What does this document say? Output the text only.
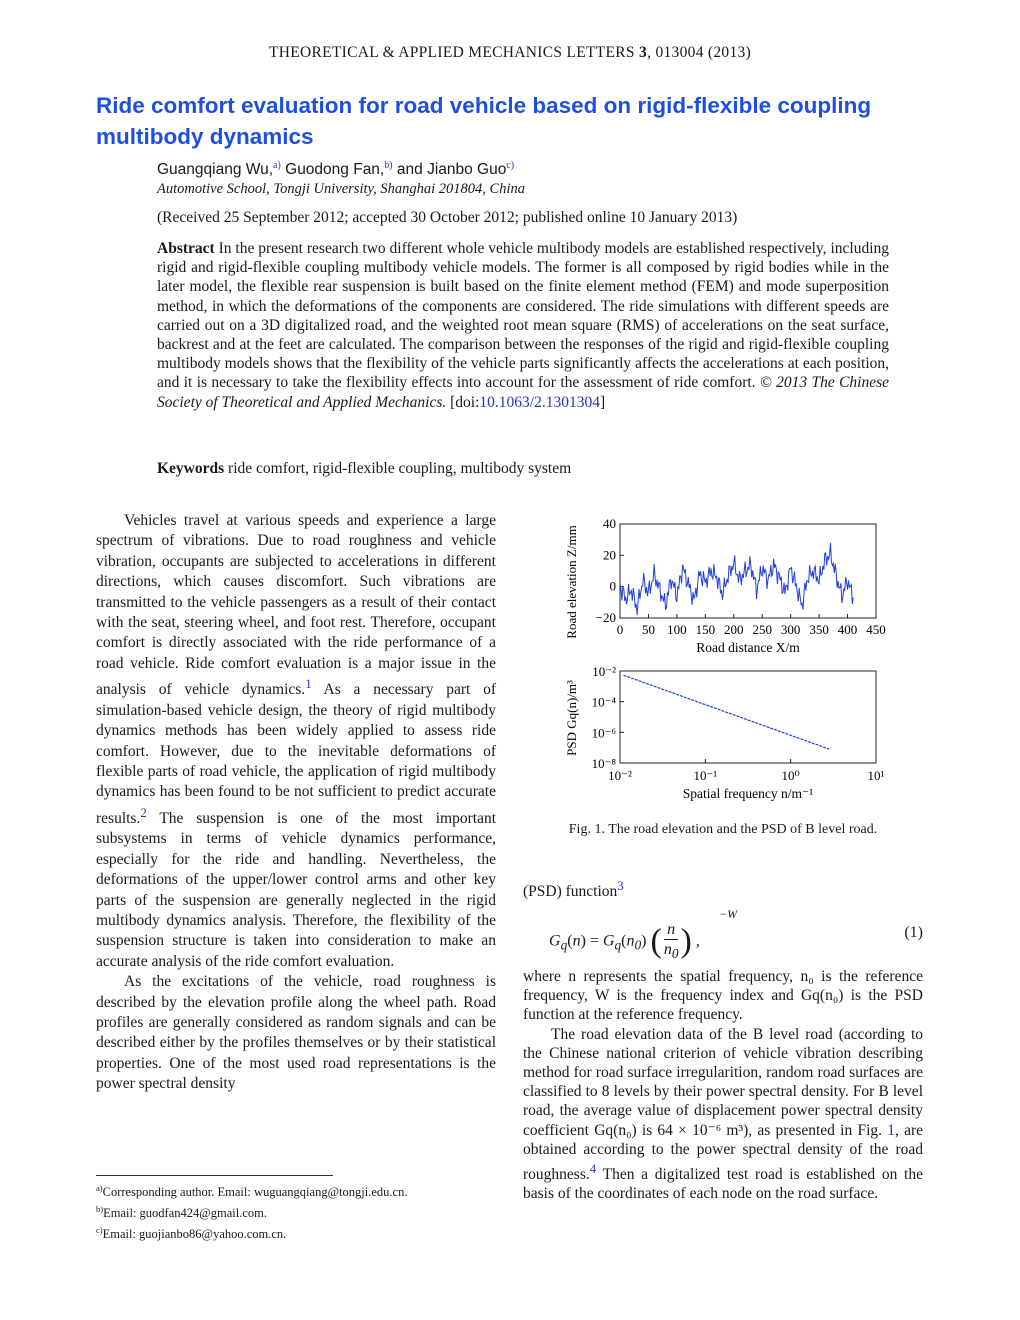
THEORETICAL & APPLIED MECHANICS LETTERS 3, 013004 (2013)
Ride comfort evaluation for road vehicle based on rigid-flexible coupling multibody dynamics
Guangqiang Wu,$^{a)}$ Guodong Fan,$^{b)}$ and Jianbo Guo$^{c)}$
Automotive School, Tongji University, Shanghai 201804, China
(Received 25 September 2012; accepted 30 October 2012; published online 10 January 2013)
Abstract In the present research two different whole vehicle multibody models are established respectively, including rigid and rigid-flexible coupling multibody vehicle models. The former is all composed by rigid bodies while in the later model, the flexible rear suspension is built based on the finite element method (FEM) and mode superposition method, in which the deformations of the components are considered. The ride simulations with different speeds are carried out on a 3D digitalized road, and the weighted root mean square (RMS) of accelerations on the seat surface, backrest and at the feet are calculated. The comparison between the responses of the rigid and rigid-flexible coupling multibody models shows that the flexibility of the vehicle parts significantly affects the accelerations at each position, and it is necessary to take the flexibility effects into account for the assessment of ride comfort. © 2013 The Chinese Society of Theoretical and Applied Mechanics. [doi:10.1063/2.1301304]
Keywords ride comfort, rigid-flexible coupling, multibody system

Vehicles travel at various speeds and experience a large spectrum of vibrations. Due to road roughness and vehicle vibration, occupants are subjected to accelerations in different directions, which causes discomfort. Such vibrations are transmitted to the vehicle passengers as a result of their contact with the seat, steering wheel, and foot rest. Therefore, occupant comfort is directly associated with the ride performance of a road vehicle. Ride comfort evaluation is a major issue in the analysis of vehicle dynamics.$^1$ As a necessary part of simulation-based vehicle design, the theory of rigid multibody dynamics methods has been widely applied to assess ride comfort. However, due to the inevitable deformations of flexible parts of road vehicle, the application of rigid multibody dynamics has been found to be not sufficient to predict accurate results.$^2$ The suspension is one of the most important subsystems in terms of vehicle dynamics performance, especially for the ride and handling. Nevertheless, the deformations of the upper/lower control arms and other key parts of the suspension are generally neglected in the rigid multibody dynamics analysis. Therefore, the flexibility of the suspension structure is taken into consideration to make an accurate analysis of the ride comfort evaluation.

As the excitations of the vehicle, road roughness is described by the elevation profile along the wheel path. Road profiles are generally considered as random signals and can be described either by the profiles themselves or by their statistical properties. One of the most used road representations is the power spectral density

$^{a)}$Corresponding author. Email: wuguangqiang@tongji.edu.cn.
$^{b)}$Email: guodfan424@gmail.com.
$^{c)}$Email: guojianbo86@yahoo.com.cn.
0 50 100 150 200 250 300 350 400 450
−20
0
20
40
Road distance X/m
Road elevation Z/mm
10⁻²	10⁻¹	10⁰	10¹
10⁻²
10⁻⁴
10⁻⁶
10⁻⁸
Spatial frequency n/m⁻¹
PSD Gq(n)/m³
Fig. 1. The road elevation and the PSD of B level road.
(PSD) function$^3$
$G_q(n) = G_q(n_0)$ ( $\frac{n}{n_0}$ ) ,
−W
(1)

where n represents the spatial frequency, n₀ is the reference frequency, W is the frequency index and Gq(n₀) is the PSD function at the reference frequency.

The road elevation data of the B level road (according to the Chinese national criterion of vehicle vibration describing method for road surface irregularition, random road surfaces are classified to 8 levels by their power spectral density. For B level road, the average value of displacement power spectral density coefficient Gq(n₀) is 64 × 10⁻⁶ m³), as presented in Fig. 1, are obtained according to the power spectral density of the road roughness.$^4$ Then a digitalized test road is established on the basis of the coordinates of each node on the road surface.
